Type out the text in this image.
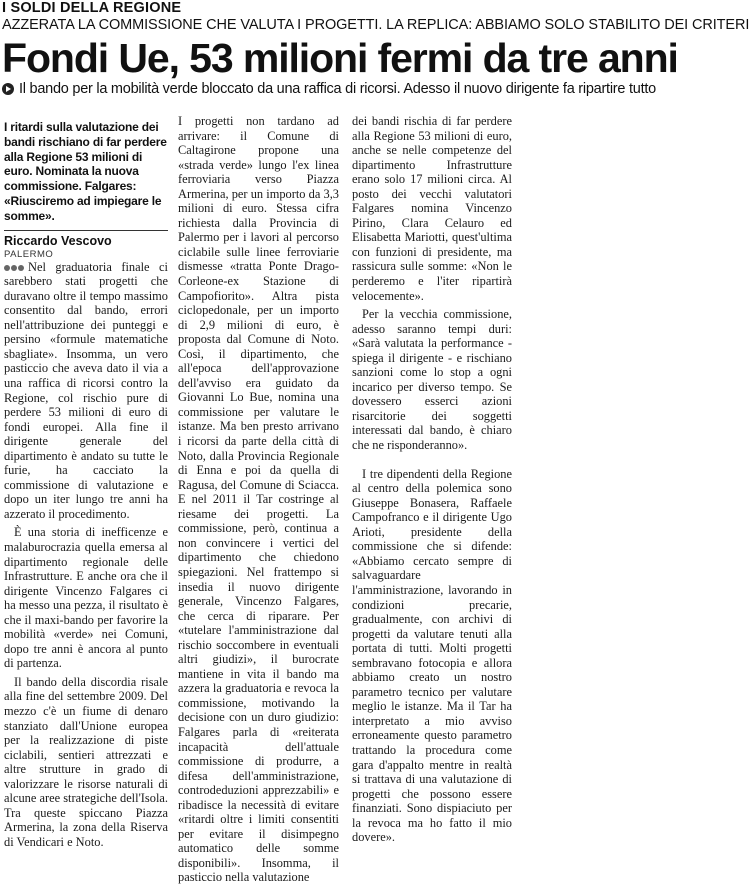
I SOLDI DELLA REGIONE
AZZERATA LA COMMISSIONE CHE VALUTA I PROGETTI. LA REPLICA: ABBIAMO SOLO STABILITO DEI CRITERI
Fondi Ue, 53 milioni fermi da tre anni
Il bando per la mobilità verde bloccato da una raffica di ricorsi. Adesso il nuovo dirigente fa ripartire tutto
I ritardi sulla valutazione dei bandi rischiano di far perdere alla Regione 53 milioni di euro. Nominata la nuova commissione. Falgares: «Riusciremo ad impiegare le somme».
Riccardo Vescovo
PALERMO

Nel graduatoria finale ci sarebbero stati progetti che duravano oltre il tempo massimo consentito dal bando, errori nell'attribuzione dei punteggi e persino «formule matematiche sbagliate». Insomma, un vero pasticcio che aveva dato il via a una raffica di ricorsi contro la Regione, col rischio pure di perdere 53 milioni di euro di fondi europei. Alla fine il dirigente generale del dipartimento è andato su tutte le furie, ha cacciato la commissione di valutazione e dopo un iter lungo tre anni ha azzerato il procedimento.

È una storia di inefficenze e malaburocrazia quella emersa al dipartimento regionale delle Infrastrutture. E anche ora che il dirigente Vincenzo Falgares ci ha messo una pezza, il risultato è che il maxi-bando per favorire la mobilità «verde» nei Comuni, dopo tre anni è ancora al punto di partenza.

Il bando della discordia risale alla fine del settembre 2009. Del mezzo c'è un fiume di denaro stanziato dall'Unione europea per la realizzazione di piste ciclabili, sentieri attrezzati e altre strutture in grado di valorizzare le risorse naturali di alcune aree strategiche dell'Isola. Tra queste spiccano Piazza Armerina, la zona della Riserva di Vendicari e Noto.

I progetti non tardano ad arrivare: il Comune di Caltagirone propone una «strada verde» lungo l'ex linea ferroviaria verso Piazza Armerina, per un importo da 3,3 milioni di euro. Stessa cifra richiesta dalla Provincia di Palermo per i lavori al percorso ciclabile sulle linee ferroviarie dismesse «tratta Ponte Drago-Corleone-ex Stazione di Campofiorito». Altra pista ciclopedonale, per un importo di 2,9 milioni di euro, è proposta dal Comune di Noto. Così, il dipartimento, che all'epoca dell'approvazione dell'avviso era guidato da Giovanni Lo Bue, nomina una commissione per valutare le istanze. Ma ben presto arrivano i ricorsi da parte della città di Noto, dalla Provincia Regionale di Enna e poi da quella di Ragusa, del Comune di Sciacca. E nel 2011 il Tar costringe al riesame dei progetti. La commissione, però, continua a non convincere i vertici del dipartimento che chiedono spiegazioni. Nel frattempo si insedia il nuovo dirigente generale, Vincenzo Falgares, che cerca di riparare. Per «tutelare l'amministrazione dal rischio soccombere in eventuali altri giudizi», il burocrate mantiene in vita il bando ma azzera la graduatoria e revoca la commissione, motivando la decisione con un duro giudizio: Falgares parla di «reiterata incapacità dell'attuale commissione di produrre, a difesa dell'amministrazione, controdeduzioni apprezzabili» e ribadisce la necessità di evitare «ritardi oltre i limiti consentiti per evitare il disimpegno automatico delle somme disponibili». Insomma, il pasticcio nella valutazione

dei bandi rischia di far perdere alla Regione 53 milioni di euro, anche se nelle competenze del dipartimento Infrastrutture erano solo 17 milioni circa. Al posto dei vecchi valutatori Falgares nomina Vincenzo Pirino, Clara Celauro ed Elisabetta Mariotti, quest'ultima con funzioni di presidente, ma rassicura sulle somme: «Non le perderemo e l'iter ripartirà velocemente».

Per la vecchia commissione, adesso saranno tempi duri: «Sarà valutata la performance - spiega il dirigente - e rischiano sanzioni come lo stop a ogni incarico per diverso tempo. Se dovessero esserci azioni risarcitorie dei soggetti interessati dal bando, è chiaro che ne risponderanno».

I tre dipendenti della Regione al centro della polemica sono Giuseppe Bonasera, Raffaele Campofranco e il dirigente Ugo Arioti, presidente della commissione che si difende: «Abbiamo cercato sempre di salvaguardare l'amministrazione, lavorando in condizioni precarie, gradualmente, con archivi di progetti da valutare tenuti alla portata di tutti. Molti progetti sembravano fotocopia e allora abbiamo creato un nostro parametro tecnico per valutare meglio le istanze. Ma il Tar ha interpretato a mio avviso erroneamente questo parametro trattando la procedura come gara d'appalto mentre in realtà si trattava di una valutazione di progetti che possono essere finanziati. Sono dispiaciuto per la revoca ma ho fatto il mio dovere».
